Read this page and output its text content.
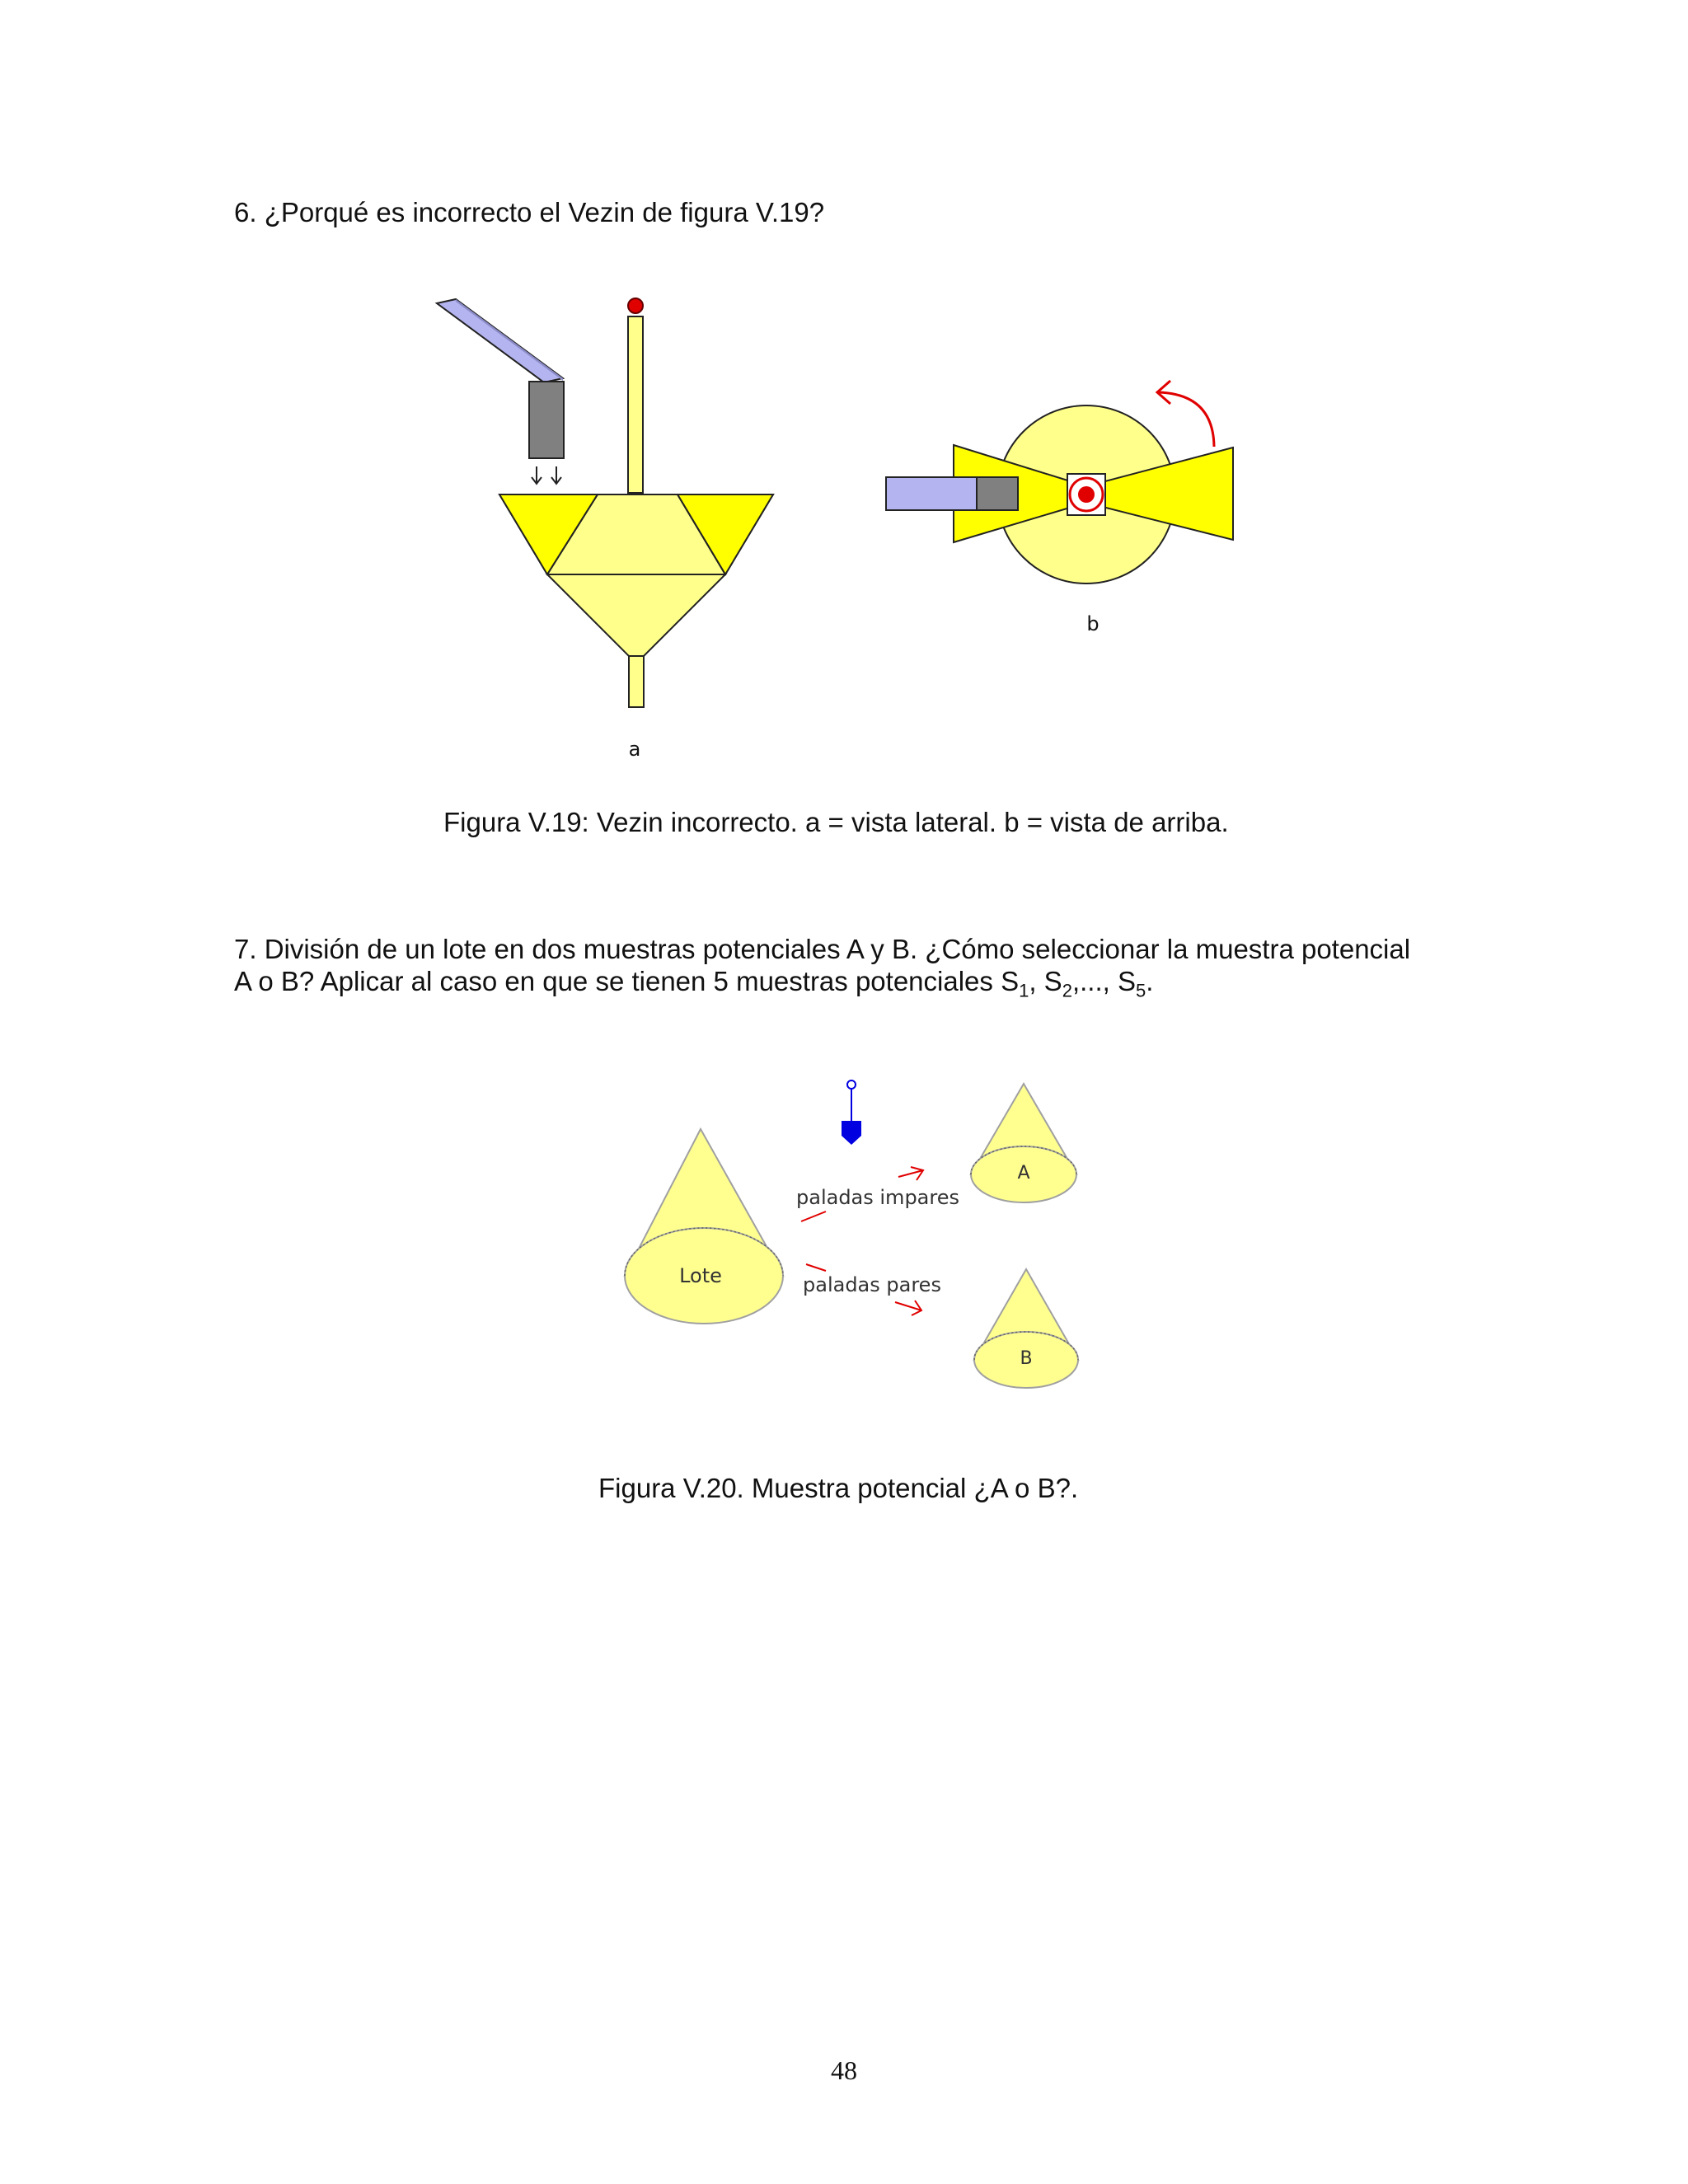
6. ¿Porqué es incorrecto el Vezin de figura V.19?

a
b

Figura V.19: Vezin incorrecto. a = vista lateral. b = vista de arriba.

7. División de un lote en dos muestras potenciales A y B. ¿Cómo seleccionar la muestra potencial

A o B? Aplicar al caso en que se tienen 5 muestras potenciales $S_1$, $S_2$,..., $S_5$.

Lote
A
B
paladas impares
paladas pares

Figura V.20. Muestra potencial ¿A o B?.

48
